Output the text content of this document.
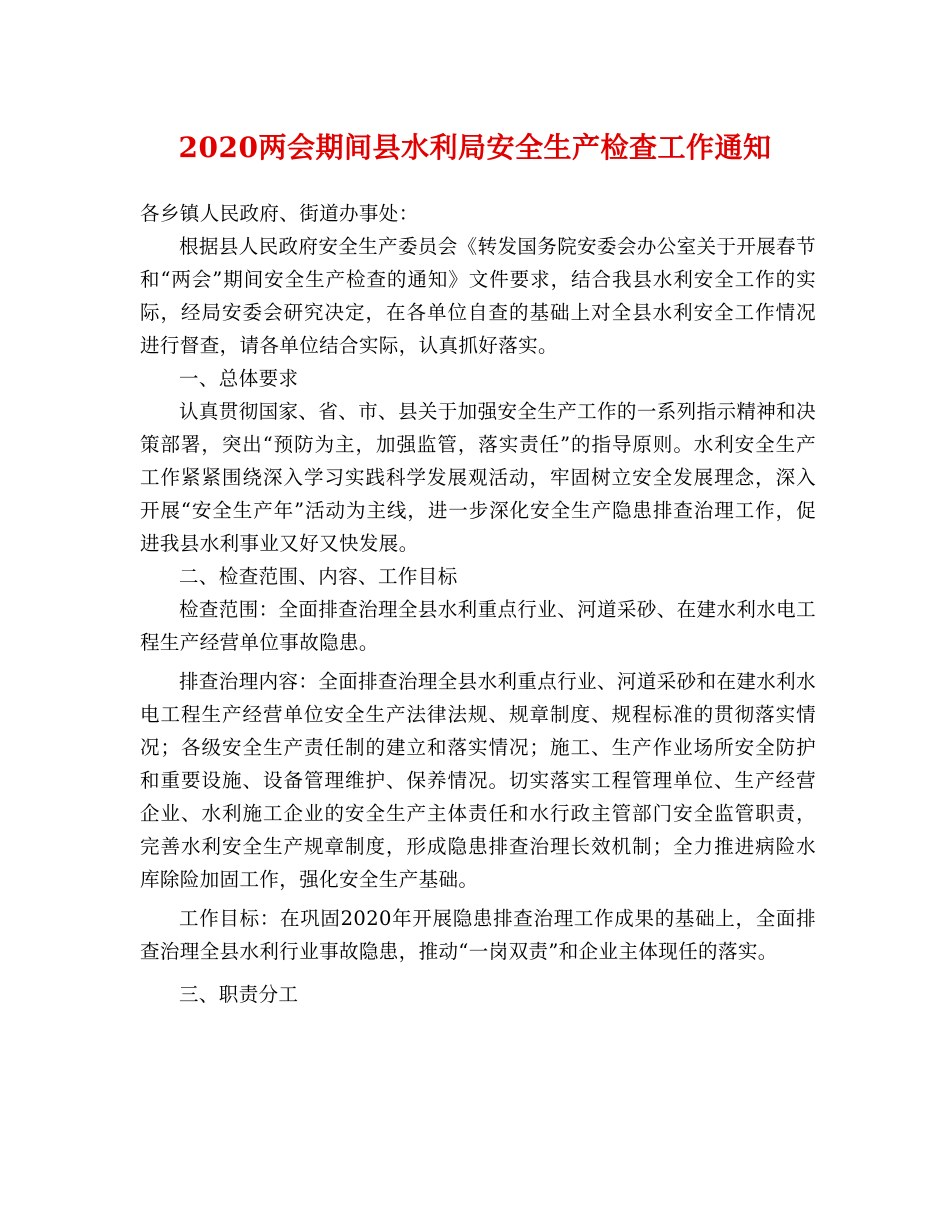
2020两会期间县水利局安全生产检查工作通知

各乡镇人民政府、街道办事处：

根据县人民政府安全生产委员会《转发国务院安委会办公室关于开展春节和“两会”期间安全生产检查的通知》文件要求，结合我县水利安全工作的实际，经局安委会研究决定，在各单位自查的基础上对全县水利安全工作情况进行督查，请各单位结合实际，认真抓好落实。

一、总体要求

认真贯彻国家、省、市、县关于加强安全生产工作的一系列指示精神和决策部署，突出“预防为主，加强监管，落实责任”的指导原则。水利安全生产工作紧紧围绕深入学习实践科学发展观活动，牢固树立安全发展理念，深入开展“安全生产年”活动为主线，进一步深化安全生产隐患排查治理工作，促进我县水利事业又好又快发展。

二、检查范围、内容、工作目标

检查范围：全面排查治理全县水利重点行业、河道采砂、在建水利水电工程生产经营单位事故隐患。

排查治理内容：全面排查治理全县水利重点行业、河道采砂和在建水利水电工程生产经营单位安全生产法律法规、规章制度、规程标准的贯彻落实情况；各级安全生产责任制的建立和落实情况；施工、生产作业场所安全防护和重要设施、设备管理维护、保养情况。切实落实工程管理单位、生产经营企业、水利施工企业的安全生产主体责任和水行政主管部门安全监管职责，完善水利安全生产规章制度，形成隐患排查治理长效机制；全力推进病险水库除险加固工作，强化安全生产基础。

工作目标：在巩固2020年开展隐患排查治理工作成果的基础上，全面排查治理全县水利行业事故隐患，推动“一岗双责”和企业主体现任的落实。

三、职责分工
